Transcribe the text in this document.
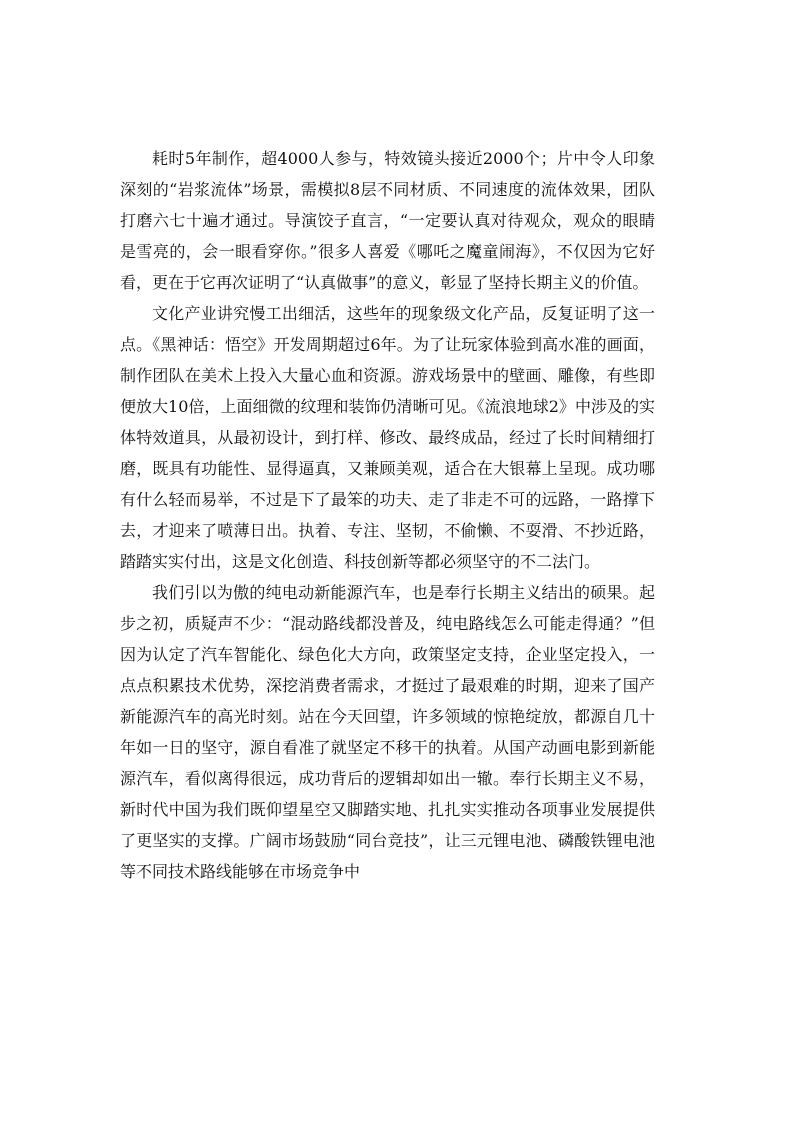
耗时5年制作，超4000人参与，特效镜头接近2000个；片中令人印象深刻的“岩浆流体”场景，需模拟8层不同材质、不同速度的流体效果，团队打磨六七十遍才通过。导演饺子直言，“一定要认真对待观众，观众的眼睛是雪亮的，会一眼看穿你。”很多人喜爱《哪吒之魔童闹海》，不仅因为它好看，更在于它再次证明了“认真做事”的意义，彰显了坚持长期主义的价值。

文化产业讲究慢工出细活，这些年的现象级文化产品，反复证明了这一点。《黑神话：悟空》开发周期超过6年。为了让玩家体验到高水准的画面，制作团队在美术上投入大量心血和资源。游戏场景中的壁画、雕像，有些即便放大10倍，上面细微的纹理和装饰仍清晰可见。《流浪地球2》中涉及的实体特效道具，从最初设计，到打样、修改、最终成品，经过了长时间精细打磨，既具有功能性、显得逼真，又兼顾美观，适合在大银幕上呈现。成功哪有什么轻而易举，不过是下了最笨的功夫、走了非走不可的远路，一路撑下去，才迎来了喷薄日出。执着、专注、坚韧，不偷懒、不耍滑、不抄近路，踏踏实实付出，这是文化创造、科技创新等都必须坚守的不二法门。

我们引以为傲的纯电动新能源汽车，也是奉行长期主义结出的硕果。起步之初，质疑声不少：“混动路线都没普及，纯电路线怎么可能走得通？”但因为认定了汽车智能化、绿色化大方向，政策坚定支持，企业坚定投入，一点点积累技术优势，深挖消费者需求，才挺过了最艰难的时期，迎来了国产新能源汽车的高光时刻。站在今天回望，许多领域的惊艳绽放，都源自几十年如一日的坚守，源自看准了就坚定不移干的执着。从国产动画电影到新能源汽车，看似离得很远，成功背后的逻辑却如出一辙。奉行长期主义不易，新时代中国为我们既仰望星空又脚踏实地、扎扎实实推动各项事业发展提供了更坚实的支撑。广阔市场鼓励“同台竞技”，让三元锂电池、磷酸铁锂电池等不同技术路线能够在市场竞争中
